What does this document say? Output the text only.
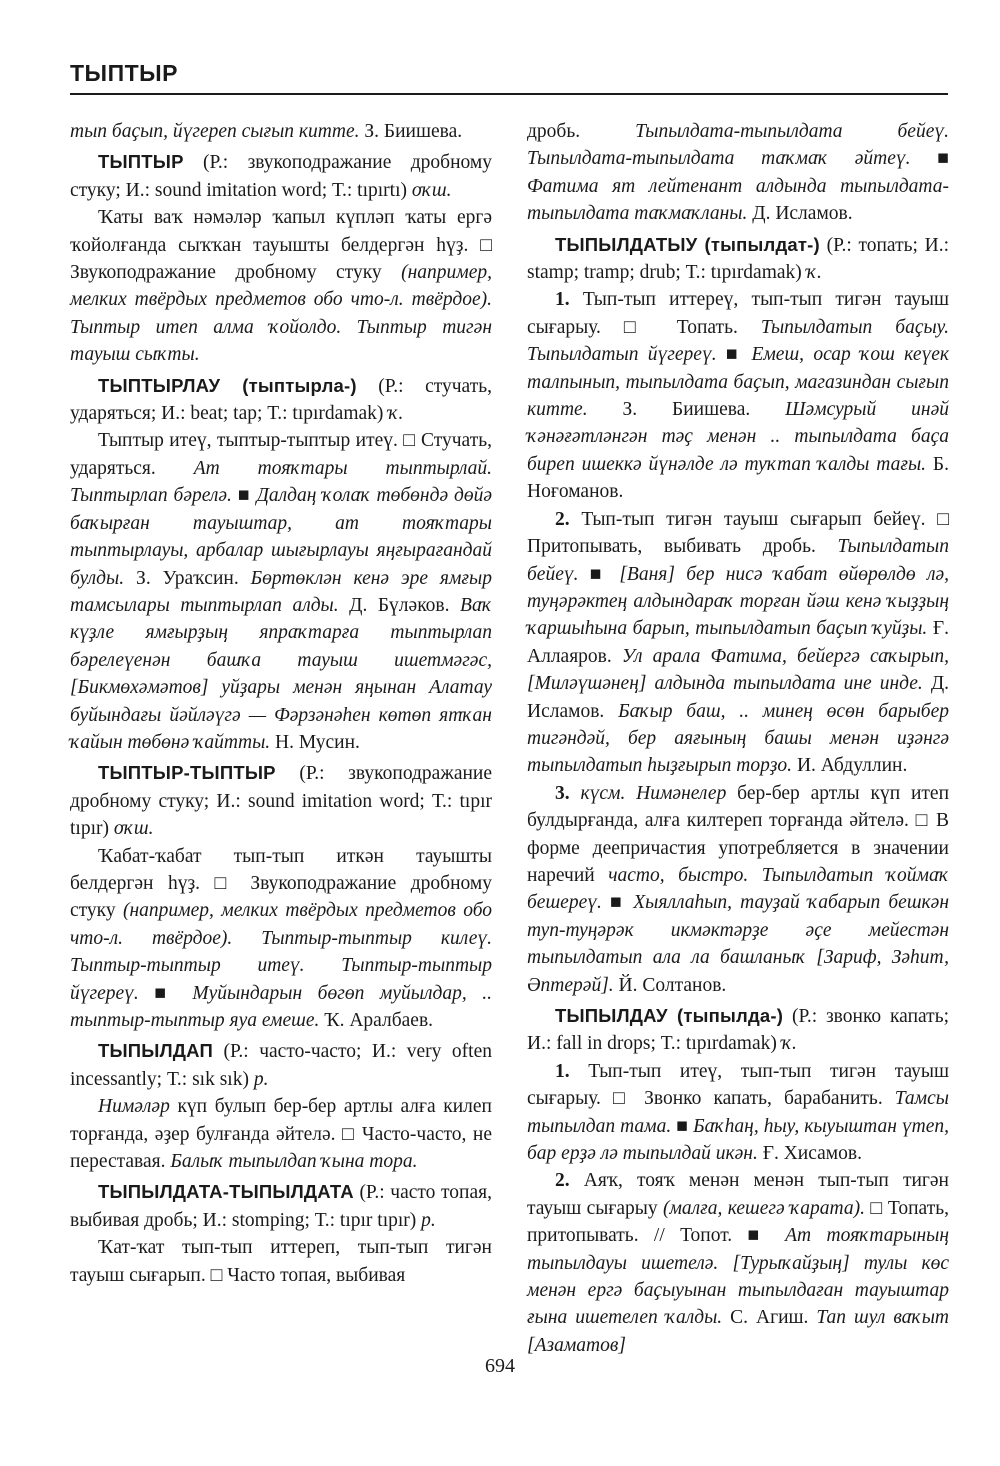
ТЫПТЫР

тып баҫып, йүгереп сығып китте. З. Биишева.

ТЫПТЫР (Р.: звукоподражание дробному стуку; И.: sound imitation word; Т.: tıpırtı) оҡш.

Ҡаты ваҡ нәмәләр ҡапыл күпләп ҡаты ергә ҡойолғанда сыҡҡан тауышты белдергән һүҙ. □ Звукоподражание дробному стуку (например, мелких твёрдых предметов обо что-л. твёрдое). Тыптыр итеп алма ҡойолдо. Тыптыр тигән тауыш сыҡты.

ТЫПТЫРЛАУ (тыптырла-) (Р.: стучать, ударяться; И.: beat; tap; Т.: tıpırdamak) ҡ.

Тыптыр итеү, тыптыр-тыптыр итеү. □ Стучать, ударяться. Ат тояҡтары тыптырлай. Тыптырлап бәрелә. ■ Далдаң ҡолаҡ төбөндә дөйә баҡырған тауыштар, ат тояҡтары тыптырлауы, арбалар шығырлауы яңғырағандай булды. З. Ураҡсин. Бөртөклән кенә эре ямғыр тамсылары тыптырлап алды. Д. Бүләков. Ваҡ күҙле ямғырҙың япраҡтарға тыптырлап бәрелеүенән башҡа тауыш ишетмәгәс, [Бикмөхәмәтов] уйҙары менән яңынан Алатау буйындағы йәйләүгә — Фәрзәнәһен көтөп ятҡан ҡайын төбөнә ҡайтты. Н. Мусин.

ТЫПТЫР-ТЫПТЫР (Р.: звукоподражание дробному стуку; И.: sound imitation word; Т.: tıpır tıpır) оҡш.

Ҡабат-ҡабат тып-тып иткән тауышты белдергән һүҙ. □ Звукоподражание дробному стуку (например, мелких твёрдых предметов обо что-л. твёрдое). Тыптыр-тыптыр килеү. Тыптыр-тыптыр итеү. Тыптыр-тыптыр йүгереү. ■ Муйындарын бөгөп муйылдар, .. тыптыр-тыптыр яуа емеше. Ҡ. Аралбаев.

ТЫПЫЛДАП (Р.: часто-часто; И.: very often incessantly; Т.: sık sık) р.

Нимәләр күп булып бер-бер артлы алға килеп торғанда, әҙер булғанда әйтелә. □ Часто-часто, не переставая. Балыҡ тыпылдап ҡына тора.

ТЫПЫЛДАТА-ТЫПЫЛДАТА (Р.: часто топая, выбивая дробь; И.: stomping; Т.: tıpır tıpır) р.

Ҡат-ҡат тып-тып иттереп, тып-тып тигән тауыш сығарып. □ Часто топая, выбивая

дробь. Тыпылдата-тыпылдата бейеү. Тыпылдата-тыпылдата таҡмаҡ әйтеү. ■ Фатима ят лейтенант алдында тыпылдата-тыпылдата таҡмаҡланы. Д. Исламов.

ТЫПЫЛДАТЫУ (тыпылдат-) (Р.: топать; И.: stamp; tramp; drub; Т.: tıpırdamak) ҡ.

1. Тып-тып иттереү, тып-тып тигән тауыш сығарыу. □ Топать. Тыпылдатып баҫыу. Тыпылдатып йүгереү. ■ Емеш, осар ҡош кеүек талпынып, тыпылдата баҫып, магазиндан сығып китте. З. Биишева. Шәмсурый инәй ҡәнәғәтләнгән тәҫ менән .. тыпылдата баҫа биреп ишеккә йүнәлде лә туҡтап ҡалды тағы. Б. Ноғоманов.

2. Тып-тып тигән тауыш сығарып бейеү. □ Притопывать, выбивать дробь. Тыпылдатып бейеү. ■ [Ваня] бер нисә ҡабат өйөрөлдө лә, туңәрәктең алдындараҡ торған йәш кенә ҡыҙҙың ҡаршыһына барып, тыпылдатып баҫып ҡуйҙы. Ғ. Аллаяров. Ул арала Фатима, бейергә саҡырып, [Миләүшәнең] алдында тыпылдата ине инде. Д. Исламов. Баҡыр баш, .. минең өсөн барыбер тигәндәй, бер аяғының башы менән иҙәнгә тыпылдатып һыҙғырып торҙо. И. Абдуллин.

3. күсм. Нимәнелер бер-бер артлы күп итеп булдырғанда, алға килтереп торғанда әйтелә. □ В форме деепричастия употребляется в значении наречий часто, быстро. Тыпылдатып ҡоймаҡ бешереү. ■ Хыяллаһып, тауҙай ҡабарып бешкән туп-туңәрәк икмәктәрҙе әҫе мейестән тыпылдатып ала ла башланыҡ [Зариф, Зәһит, Әптерәй]. Й. Солтанов.

ТЫПЫЛДАУ (тыпылда-) (Р.: звонко капать; И.: fall in drops; Т.: tıpırdamak) ҡ.

1. Тып-тып итеү, тып-тып тигән тауыш сығарыу. □ Звонко капать, барабанить. Тамсы тыпылдап тама. ■ Баҡһаң, һыу, кыуыштан үтеп, бар ерҙә лә тыпылдай икән. Ғ. Хисамов.

2. Аяҡ, тояҡ менән менән тып-тып тигән тауыш сығарыу (малға, кешегә ҡарата). □ Топать, притопывать. // Топот. ■ Ат тояҡтарының тыпылдауы ишетелә. [Турыҡайҙың] тулы көс менән ергә баҫыуынан тыпылдаған тауыштар ғына ишетелеп ҡалды. С. Агиш. Тап шул ваҡыт [Азаматов]

694
